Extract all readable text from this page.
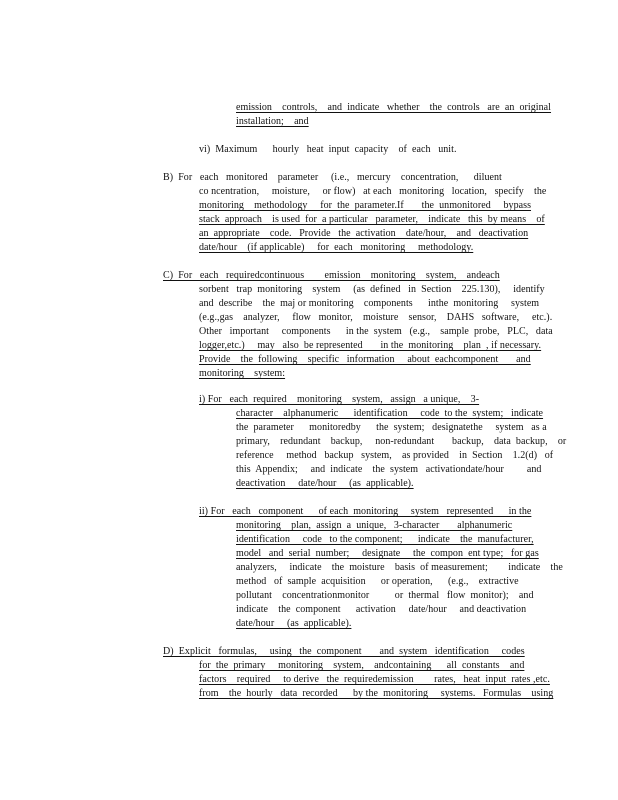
emission    controls,    and  indicate   whether    the  controls   are  an  original
installation;    and
vi)  Maximum      hourly   heat  input  capacity    of  each   unit.
B)  For   each   monitored    parameter     (i.e.,   mercury    concentration,      diluent
co ncentration,     moisture,     or flow)   at each   monitoring   location,   specify    the
monitoring    methodology     for  the  parameter.If       the  unmonitored     bypass
stack  approach    is used  for  a particular   parameter,    indicate   this  by means    of
an  appropriate    code.   Provide   the  activation    date/hour,    and   deactivation
date/hour    (if applicable)     for  each   monitoring     methodology.
C)  For   each   requiredcontinuous        emission    monitoring    system,    andeach
sorbent   trap  monitoring    system     (as  defined   in  Section    225.130),     identify
and  describe    the  maj or monitoring    components      inthe  monitoring     system
(e.g.,gas    analyzer,     flow   monitor,    moisture    sensor,    DAHS   software,     etc.).
Other   important     components      in the  system   (e.g.,    sample  probe,   PLC,   data
logger,etc.)     may   also  be represented       in the  monitoring    plan  , if necessary.
Provide    the  following    specific   information     about  eachcomponent       and
monitoring    system:
i) For   each  required    monitoring    system,   assign   a unique,    3-
character    alphanumeric      identification     code  to the  system;   indicate
the  parameter      monitoredby      the  system;   designatethe     system   as a
primary,    redundant    backup,     non-redundant       backup,    data  backup,    or
reference     method   backup   system,    as provided    in  Section    1.2(d)   of
this  Appendix;     and  indicate    the  system   activationdate/hour         and
deactivation     date/hour     (as  applicable).
ii) For   each   component      of each  monitoring     system   represented      in the
monitoring    plan,  assign  a  unique,   3-character       alphanumeric
identification     code   to the component;      indicate    the  manufacturer,
model   and  serial  number;     designate     the  compon  ent type;   for gas
analyzers,     indicate    the  moisture    basis  of measurement;        indicate    the
method   of  sample  acquisition      or operation,      (e.g.,    extractive
pollutant    concentrationmonitor          or  thermal   flow  monitor);    and
indicate    the  component      activation     date/hour     and deactivation
date/hour     (as  applicable).
D)  Explicit   formulas,     using   the  component       and  system   identification     codes
for  the  primary     monitoring    system,    andcontaining      all  constants    and
factors    required     to derive   the  requiredemission        rates,   heat  input  rates ,etc.
from    the  hourly   data  recorded      by the  monitoring     systems.   Formulas    using
